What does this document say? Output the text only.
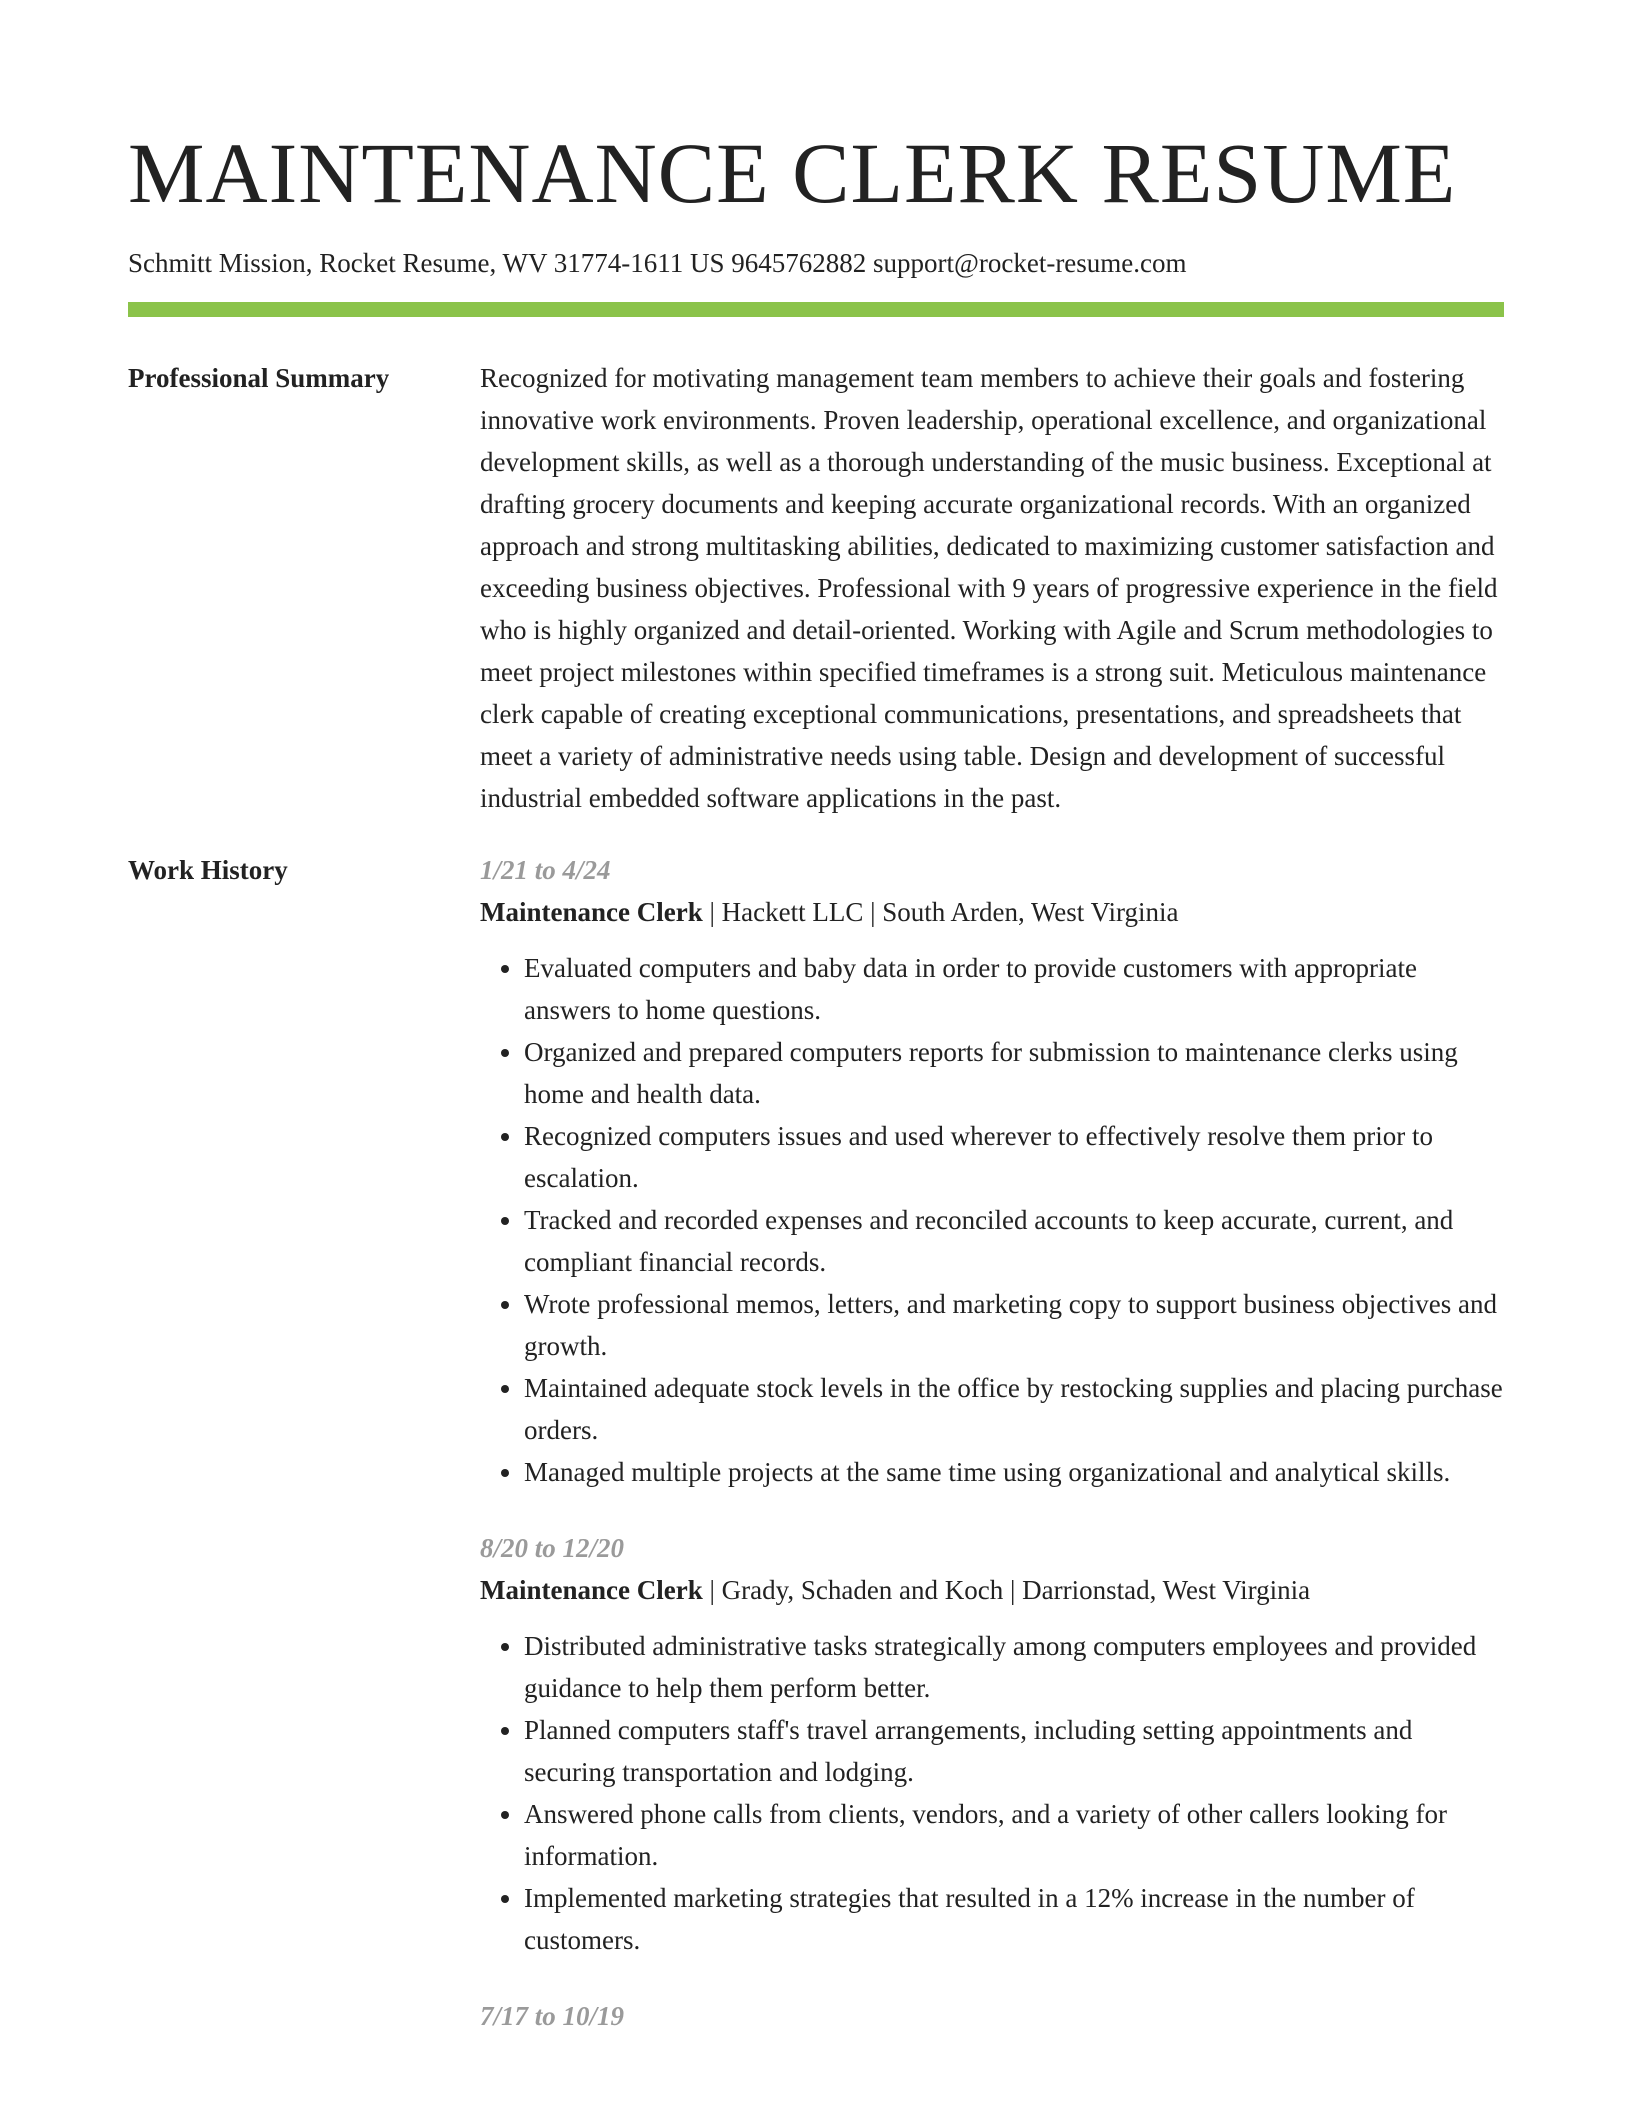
MAINTENANCE CLERK RESUME
Schmitt Mission, Rocket Resume, WV 31774-1611 US 9645762882 support@rocket-resume.com
Professional Summary	Recognized for motivating management team members to achieve their goals and fostering innovative work environments. Proven leadership, operational excellence, and organizational development skills, as well as a thorough understanding of the music business. Exceptional at drafting grocery documents and keeping accurate organizational records. With an organized approach and strong multitasking abilities, dedicated to maximizing customer satisfaction and exceeding business objectives. Professional with 9 years of progressive experience in the field who is highly organized and detail-oriented. Working with Agile and Scrum methodologies to meet project milestones within specified timeframes is a strong suit. Meticulous maintenance clerk capable of creating exceptional communications, presentations, and spreadsheets that meet a variety of administrative needs using table. Design and development of successful industrial embedded software applications in the past.

Work History	1/21 to 4/24
Maintenance Clerk | Hackett LLC | South Arden, West Virginia
• Evaluated computers and baby data in order to provide customers with appropriate answers to home questions.
• Organized and prepared computers reports for submission to maintenance clerks using home and health data.
• Recognized computers issues and used wherever to effectively resolve them prior to escalation.
• Tracked and recorded expenses and reconciled accounts to keep accurate, current, and compliant financial records.
• Wrote professional memos, letters, and marketing copy to support business objectives and growth.
• Maintained adequate stock levels in the office by restocking supplies and placing purchase orders.
• Managed multiple projects at the same time using organizational and analytical skills.
8/20 to 12/20
Maintenance Clerk | Grady, Schaden and Koch | Darrionstad, West Virginia
• Distributed administrative tasks strategically among computers employees and provided guidance to help them perform better.
• Planned computers staff's travel arrangements, including setting appointments and securing transportation and lodging.
• Answered phone calls from clients, vendors, and a variety of other callers looking for information.
• Implemented marketing strategies that resulted in a 12% increase in the number of customers.
7/17 to 10/19
